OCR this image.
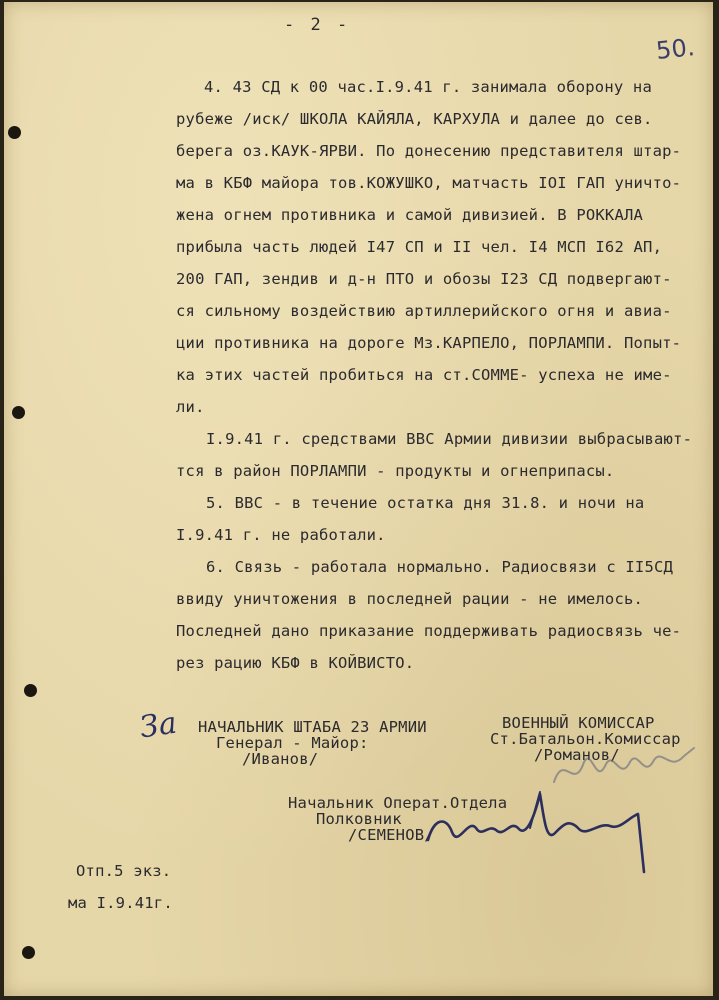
- 2 -
50.
4. 43 СД к 00 час.I.9.41 г. занимала оборону на
рубеже /иск/ ШКОЛА КАЙЯЛА, КАРХУЛА и далее до сев.
берега оз.КАУК-ЯРВИ. По донесению представителя штар-
ма в КБФ майора тов.КОЖУШКО, матчасть IOI ГАП уничто-
жена огнем противника и самой дивизией. В РОККАЛА
прибыла часть людей I47 СП и II чел. I4 МСП I62 АП,
200 ГАП, зендив и д-н ПТО и обозы I23 СД подвергают-
ся сильному воздействию артиллерийского огня и авиа-
ции противника на дороге Мз.КАРПЕЛО, ПОРЛАМПИ. Попыт-
ка этих частей пробиться на ст.СОММЕ- успеха не име-
ли.
I.9.41 г. средствами ВВС Армии дивизии выбрасывают-
тся в район ПОРЛАМПИ - продукты и огнеприпасы.
5. ВВС - в течение остатка дня 31.8. и ночи на
I.9.41 г. не работали.
6. Связь - работала нормально. Радиосвязи с II5СД
ввиду уничтожения в последней рации - не имелось.
Последней дано приказание поддерживать радиосвязь че-
рез рацию КБФ в КОЙВИСТО.
За НАЧАЛЬНИК ШТАБА 23 АРМИИ
Генерал - Майор:
/Иванов/
ВОЕННЫЙ КОМИССАР
Ст.Батальон.Комиссар
/Романов/
Начальник Операт.Отдела
Полковник
/СЕМЕНОВ/
Отп.5 экз.
ма I.9.41г.
